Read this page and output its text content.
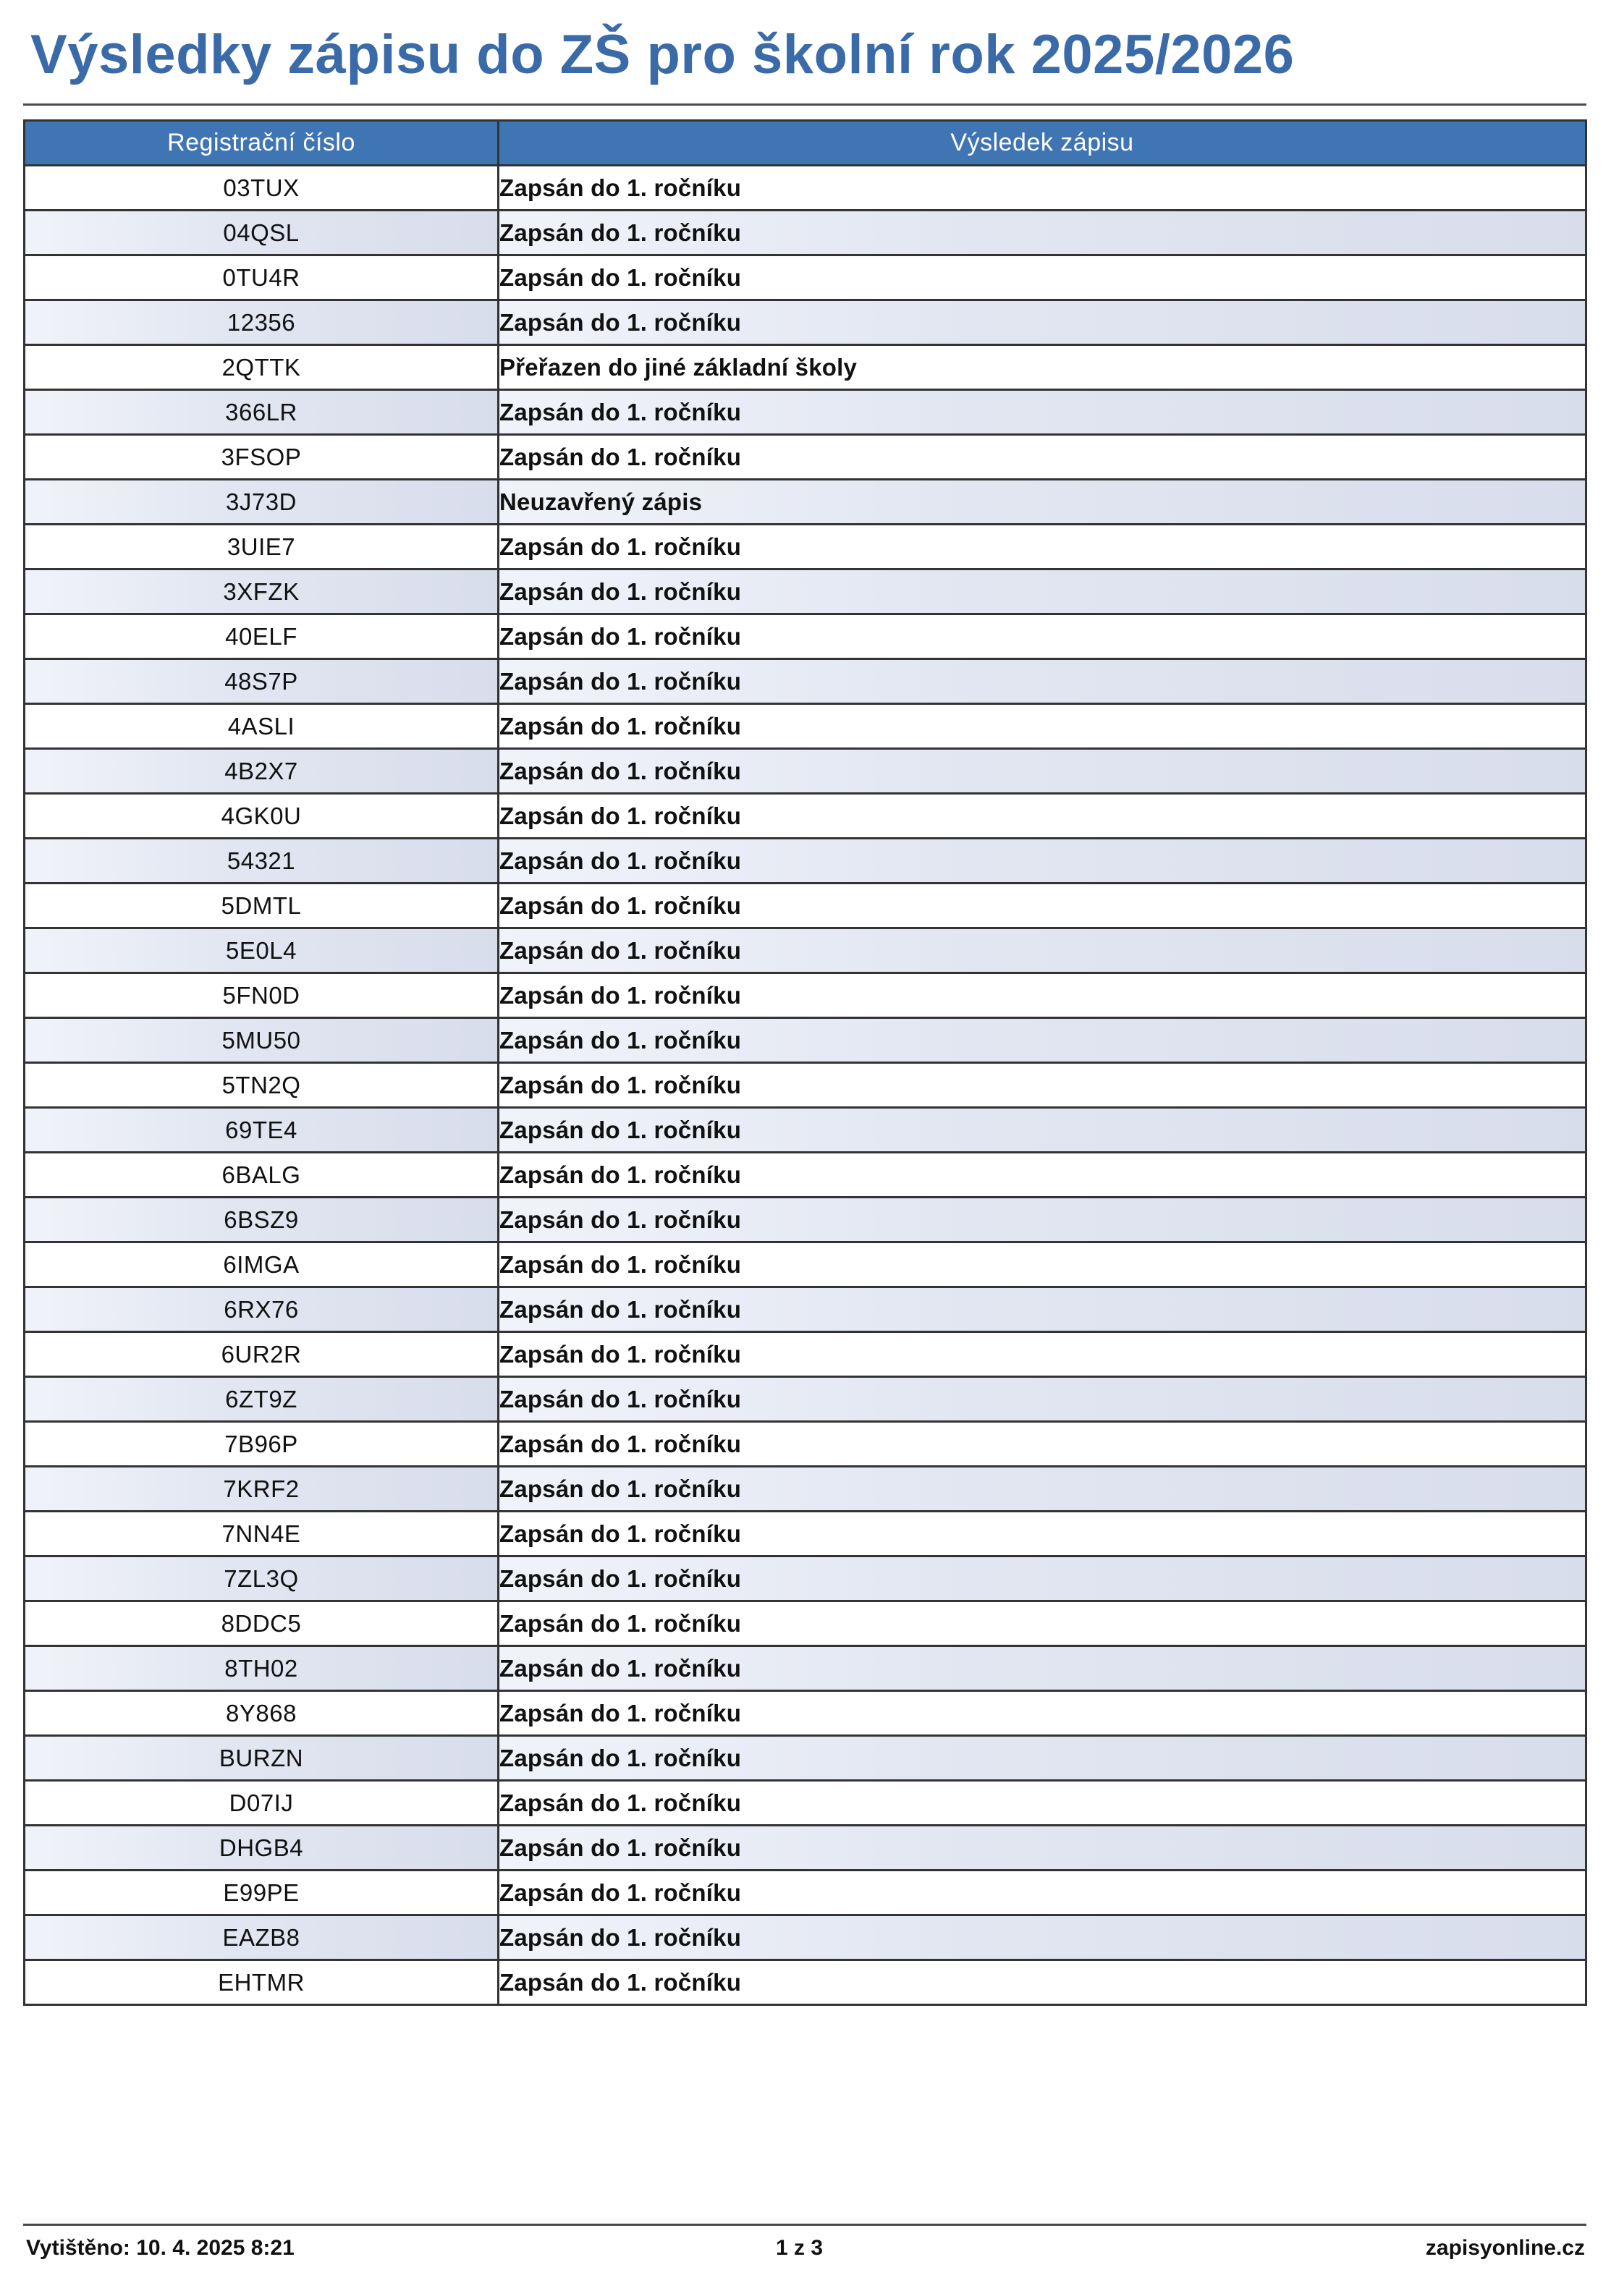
Výsledky zápisu do ZŠ pro školní rok 2025/2026
Registrační číslo	Výsledek zápisu
03TUX	Zapsán do 1. ročníku
04QSL	Zapsán do 1. ročníku
0TU4R	Zapsán do 1. ročníku
12356	Zapsán do 1. ročníku
2QTTK	Přeřazen do jiné základní školy
366LR	Zapsán do 1. ročníku
3FSOP	Zapsán do 1. ročníku
3J73D	Neuzavřený zápis
3UIE7	Zapsán do 1. ročníku
3XFZK	Zapsán do 1. ročníku
40ELF	Zapsán do 1. ročníku
48S7P	Zapsán do 1. ročníku
4ASLI	Zapsán do 1. ročníku
4B2X7	Zapsán do 1. ročníku
4GK0U	Zapsán do 1. ročníku
54321	Zapsán do 1. ročníku
5DMTL	Zapsán do 1. ročníku
5E0L4	Zapsán do 1. ročníku
5FN0D	Zapsán do 1. ročníku
5MU50	Zapsán do 1. ročníku
5TN2Q	Zapsán do 1. ročníku
69TE4	Zapsán do 1. ročníku
6BALG	Zapsán do 1. ročníku
6BSZ9	Zapsán do 1. ročníku
6IMGA	Zapsán do 1. ročníku
6RX76	Zapsán do 1. ročníku
6UR2R	Zapsán do 1. ročníku
6ZT9Z	Zapsán do 1. ročníku
7B96P	Zapsán do 1. ročníku
7KRF2	Zapsán do 1. ročníku
7NN4E	Zapsán do 1. ročníku
7ZL3Q	Zapsán do 1. ročníku
8DDC5	Zapsán do 1. ročníku
8TH02	Zapsán do 1. ročníku
8Y868	Zapsán do 1. ročníku
BURZN	Zapsán do 1. ročníku
D07IJ	Zapsán do 1. ročníku
DHGB4	Zapsán do 1. ročníku
E99PE	Zapsán do 1. ročníku
EAZB8	Zapsán do 1. ročníku
EHTMR	Zapsán do 1. ročníku
Vytištěno: 10. 4. 2025 8:21	1 z 3	zapisyonline.cz
